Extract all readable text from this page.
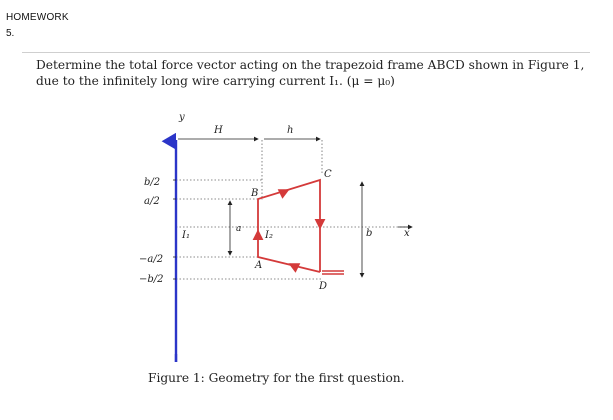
HOMEWORK
5.
Determine the total force vector acting on the trapezoid frame ABCD shown in Figure 1, due to the infinitely long wire carrying current I₁. (μ = μ₀)
y
H	h
b/2
a/2
−a/2
−b/2
I₁
a
I₂	b	x
A
B
C
D
Figure 1: Geometry for the first question.
